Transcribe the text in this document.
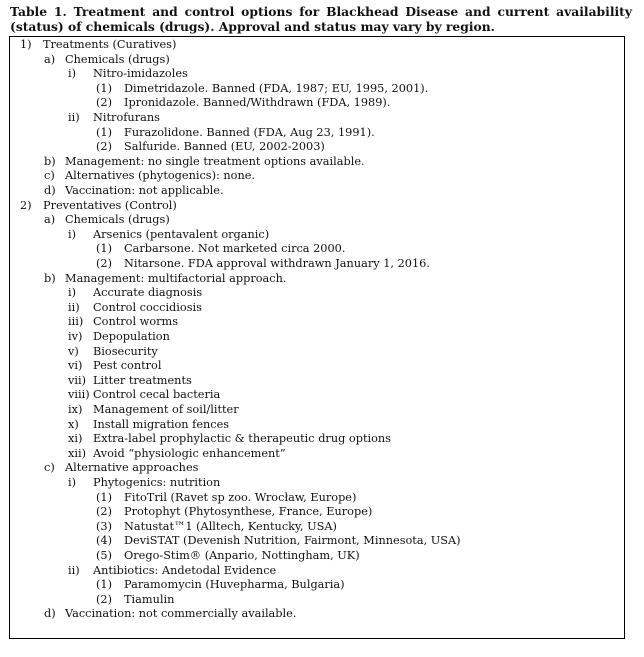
Table 1. Treatment and control options for Blackhead Disease and current availability (status) of chemicals (drugs). Approval and status may vary by region.
1) Treatments (Curatives)
a) Chemicals (drugs)
i) Nitro-imidazoles
(1) Dimetridazole. Banned (FDA, 1987; EU, 1995, 2001).
(2) Ipronidazole. Banned/Withdrawn (FDA, 1989).
ii) Nitrofurans
(1) Furazolidone. Banned (FDA, Aug 23, 1991).
(2) Salfuride. Banned (EU, 2002-2003)
b) Management: no single treatment options available.
c) Alternatives (phytogenics): none.
d) Vaccination: not applicable.
2) Preventatives (Control)
a) Chemicals (drugs)
i) Arsenics (pentavalent organic)
(1) Carbarsone. Not marketed circa 2000.
(2) Nitarsone. FDA approval withdrawn January 1, 2016.
b) Management: multifactorial approach.
i) Accurate diagnosis
ii) Control coccidiosis
iii) Control worms
iv) Depopulation
v) Biosecurity
vi) Pest control
vii) Litter treatments
viii) Control cecal bacteria
ix) Management of soil/litter
x) Install migration fences
xi) Extra-label prophylactic & therapeutic drug options
xii) Avoid “physiologic enhancement”
c) Alternative approaches
i) Phytogenics: nutrition
(1) FitoTril (Ravet sp zoo. Wrocław, Europe)
(2) Protophyt (Phytosynthese, France, Europe)
(3) Natustat™1 (Alltech, Kentucky, USA)
(4) DeviSTAT (Devenish Nutrition, Fairmont, Minnesota, USA)
(5) Orego-Stim® (Anpario, Nottingham, UK)
ii) Antibiotics: Andetodal Evidence
(1) Paramomycin (Huvepharma, Bulgaria)
(2) Tiamulin
d) Vaccination: not commercially available.
